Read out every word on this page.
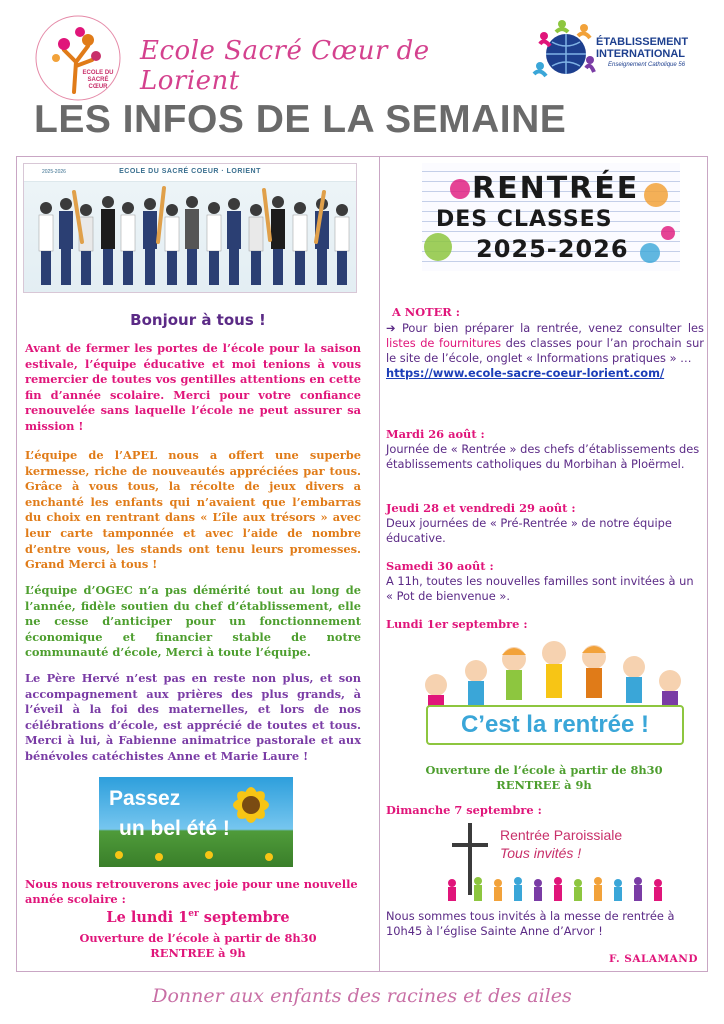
ECOLE DU SACRÉ CŒUR
Ecole Sacré Cœur de Lorient
ÉTABLISSEMENT
INTERNATIONAL
Enseignement Catholique 56
LES INFOS DE LA SEMAINE
2025-2026	ECOLE DU SACRÉ COEUR · LORIENT
Bonjour à tous !
Avant de fermer les portes de l’école pour la saison estivale, l’équipe éducative et moi tenions à vous remercier de toutes vos gentilles attentions en cette fin d’année scolaire. Merci pour votre confiance renouvelée sans laquelle l’école ne peut assurer sa mission !
L’équipe de l’APEL nous a offert une superbe kermesse, riche de nouveautés appréciées par tous. Grâce à vous tous, la récolte de jeux divers a enchanté les enfants qui n’avaient que l’embarras du choix en rentrant dans « L’île aux trésors » avec leur carte tamponnée et avec l’aide de nombre d’entre vous, les stands ont tenu leurs promesses. Grand Merci à tous !
L’équipe d’OGEC n’a pas démérité tout au long de l’année, fidèle soutien du chef d’établissement, elle ne cesse d’anticiper pour un fonctionnement économique et financier stable de notre communauté d’école, Merci à toute l’équipe.
Le Père Hervé n’est pas en reste non plus, et son accompagnement aux prières des plus grands, à l’éveil à la foi des maternelles, et lors de nos célébrations d’école, est apprécié de toutes et tous. Merci à lui, à Fabienne animatrice pastorale et aux bénévoles catéchistes Anne et Marie Laure !
Passez
un bel été !
Nous nous retrouverons avec joie pour une nouvelle année scolaire :
Le lundi 1er septembre
Ouverture de l’école à partir de 8h30
RENTREE à 9h
RENTRÉE
DES CLASSES
2025-2026
A NOTER :
➔ Pour bien préparer la rentrée, venez consulter les listes de fournitures des classes pour l’an prochain sur le site de l’école, onglet « Informations pratiques » …
https://www.ecole-sacre-coeur-lorient.com/
Mardi 26 août :
Journée de « Rentrée » des chefs d’établissements des établissements catholiques du Morbihan à Ploërmel.
Jeudi 28 et vendredi 29 août :
Deux journées de « Pré-Rentrée » de notre équipe éducative.
Samedi 30 août :
A 11h, toutes les nouvelles familles sont invitées à un « Pot de bienvenue ».
Lundi 1er septembre :
C’est la rentrée !
Ouverture de l’école à partir de 8h30
RENTREE à 9h
Dimanche 7 septembre :
Rentrée Paroissiale
Tous invités !
Nous sommes tous invités à la messe de rentrée à 10h45 à l’église Sainte Anne d’Arvor !
F. SALAMAND
Donner aux enfants des racines et des ailes
